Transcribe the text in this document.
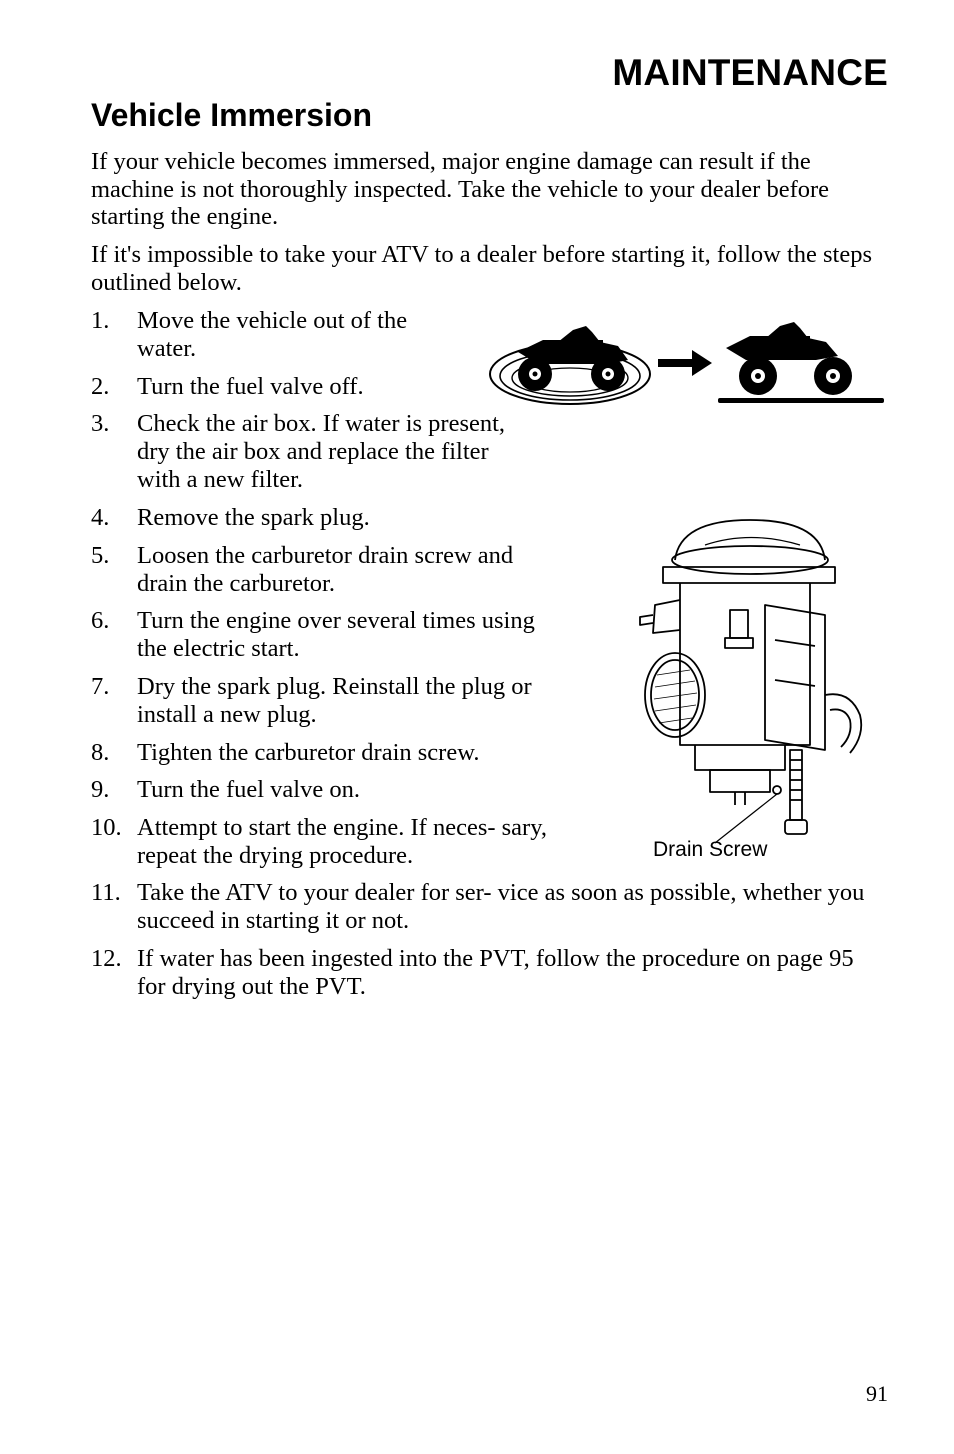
MAINTENANCE
Vehicle Immersion

If your vehicle becomes immersed, major engine damage can result if the machine is not thoroughly inspected. Take the vehicle to your dealer before starting the engine.

If it's impossible to take your ATV to a dealer before starting it, follow the steps outlined below.

1.	Move the vehicle out of the water.
2.	Turn the fuel valve off.
3.	Check the air box. If water is present, dry the air box and replace the filter with a new filter.
4.	Remove the spark plug.
5.	Loosen the carburetor drain screw and drain the carburetor.
6.	Turn the engine over several times using the electric start.
7.	Dry the spark plug. Reinstall the plug or install a new plug.
8.	Tighten the carburetor drain screw.
9.	Turn the fuel valve on.
10. Attempt to start the engine. If neces- sary, repeat the drying procedure.
11. Take the ATV to your dealer for ser- vice as soon as possible, whether you succeed in starting it or not.
12. If water has been ingested into the PVT, follow the procedure on page 95 for drying out the PVT.
Drain Screw
91
